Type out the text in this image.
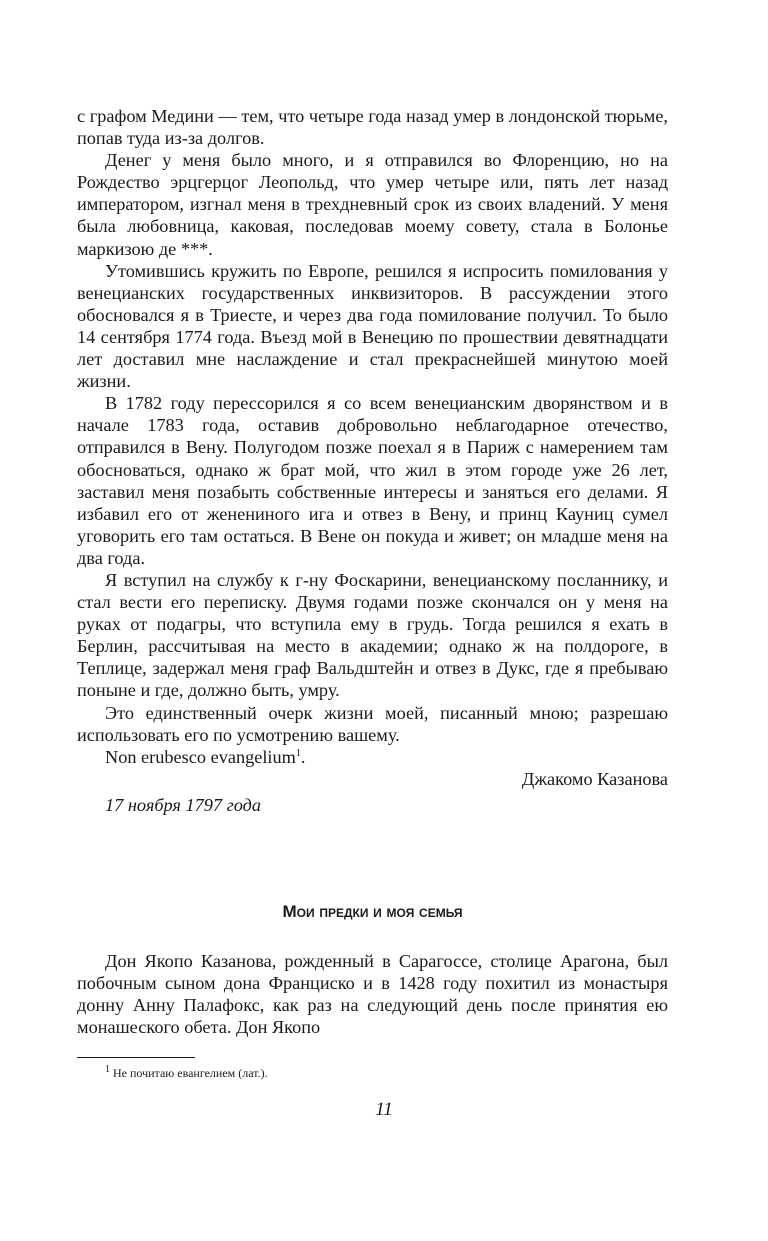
с графом Медини — тем, что четыре года назад умер в лондонской тюрьме, попав туда из-за долгов.

Денег у меня было много, и я отправился во Флоренцию, но на Рождество эрцгерцог Леопольд, что умер четыре или, пять лет назад императором, изгнал меня в трехдневный срок из своих владений. У меня была любовница, каковая, последовав моему совету, стала в Болонье маркизою де ***.

Утомившись кружить по Европе, решился я испросить помилования у венецианских государственных инквизиторов. В рассуждении этого обосновался я в Триесте, и через два года помилование получил. То было 14 сентября 1774 года. Въезд мой в Венецию по прошествии девятнадцати лет доставил мне наслаждение и стал прекраснейшей минутою моей жизни.

В 1782 году перессорился я со всем венецианским дворянством и в начале 1783 года, оставив добровольно неблагодарное отечество, отправился в Вену. Полугодом позже поехал я в Париж с намерением там обосноваться, однако ж брат мой, что жил в этом городе уже 26 лет, заставил меня позабыть собственные интересы и заняться его делами. Я избавил его от женениного ига и отвез в Вену, и принц Кауниц сумел уговорить его там остаться. В Вене он покуда и живет; он младше меня на два года.

Я вступил на службу к г-ну Фоскарини, венецианскому посланнику, и стал вести его переписку. Двумя годами позже скончался он у меня на руках от подагры, что вступила ему в грудь. Тогда решился я ехать в Берлин, рассчитывая на место в академии; однако ж на полдороге, в Теплице, задержал меня граф Вальдштейн и отвез в Дукс, где я пребываю поныне и где, должно быть, умру.

Это единственный очерк жизни моей, писанный мною; разрешаю использовать его по усмотрению вашему.

Non erubesco evangelium$^1$.

Джакомо Казанова

17 ноября 1797 года

Мои предки и моя семья

Дон Якопо Казанова, рожденный в Сарагоссе, столице Арагона, был побочным сыном дона Франциско и в 1428 году похитил из монастыря донну Анну Палафокс, как раз на следующий день после принятия ею монашеского обета. Дон Якопо

$^1$ Не почитаю евангелием (лат.).

11
